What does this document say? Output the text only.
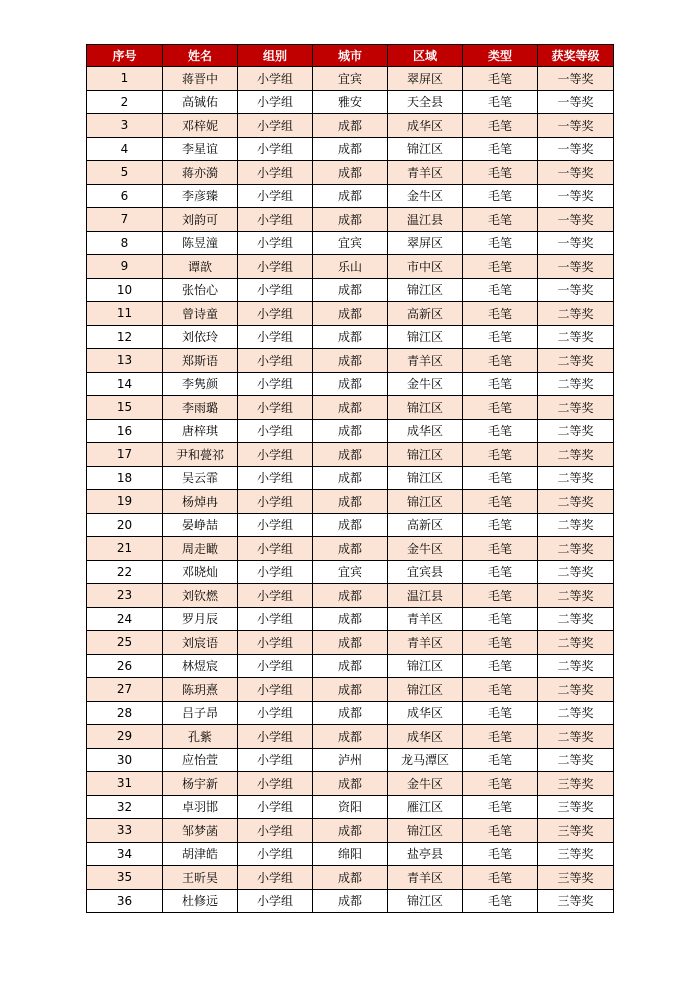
序号	姓名	组别	城市	区域	类型	获奖等级
1	蒋晋中	小学组	宜宾	翠屏区	毛笔	一等奖
2	高铖佑	小学组	雅安	天全县	毛笔	一等奖
3	邓梓妮	小学组	成都	成华区	毛笔	一等奖
4	李星谊	小学组	成都	锦江区	毛笔	一等奖
5	蒋亦漪	小学组	成都	青羊区	毛笔	一等奖
6	李彦臻	小学组	成都	金牛区	毛笔	一等奖
7	刘韵可	小学组	成都	温江县	毛笔	一等奖
8	陈昱潼	小学组	宜宾	翠屏区	毛笔	一等奖
9	谭歆	小学组	乐山	市中区	毛笔	一等奖
10	张怡心	小学组	成都	锦江区	毛笔	一等奖
11	曾诗童	小学组	成都	高新区	毛笔	二等奖
12	刘依玲	小学组	成都	锦江区	毛笔	二等奖
13	郑斯语	小学组	成都	青羊区	毛笔	二等奖
14	李隽颜	小学组	成都	金牛区	毛笔	二等奖
15	李雨璐	小学组	成都	锦江区	毛笔	二等奖
16	唐梓琪	小学组	成都	成华区	毛笔	二等奖
17	尹和甍祁	小学组	成都	锦江区	毛笔	二等奖
18	吴云霏	小学组	成都	锦江区	毛笔	二等奖
19	杨焯冉	小学组	成都	锦江区	毛笔	二等奖
20	晏峥喆	小学组	成都	高新区	毛笔	二等奖
21	周走瞰	小学组	成都	金牛区	毛笔	二等奖
22	邓晓灿	小学组	宜宾	宜宾县	毛笔	二等奖
23	刘钦燃	小学组	成都	温江县	毛笔	二等奖
24	罗月辰	小学组	成都	青羊区	毛笔	二等奖
25	刘宸语	小学组	成都	青羊区	毛笔	二等奖
26	林煜宸	小学组	成都	锦江区	毛笔	二等奖
27	陈玥熹	小学组	成都	锦江区	毛笔	二等奖
28	吕子昂	小学组	成都	成华区	毛笔	二等奖
29	孔紫	小学组	成都	成华区	毛笔	二等奖
30	应怡萱	小学组	泸州	龙马潭区	毛笔	二等奖
31	杨宇新	小学组	成都	金牛区	毛笔	三等奖
32	卓羽邯	小学组	资阳	雁江区	毛笔	三等奖
33	邹梦菡	小学组	成都	锦江区	毛笔	三等奖
34	胡津皓	小学组	绵阳	盐亭县	毛笔	三等奖
35	王昕昊	小学组	成都	青羊区	毛笔	三等奖
36	杜修远	小学组	成都	锦江区	毛笔	三等奖
